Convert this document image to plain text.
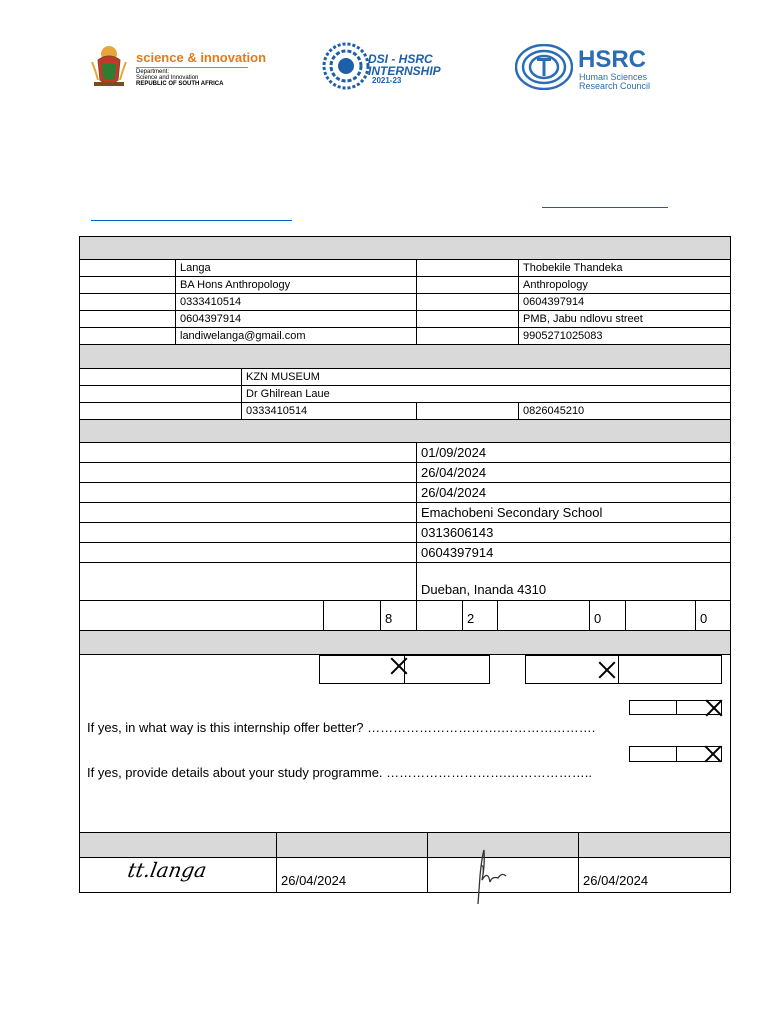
science & innovation
Department:
Science and Innovation
REPUBLIC OF SOUTH AFRICA
DSI - HSRC
INTERNSHIP
2021-23
HSRC
Human Sciences
Research Council
Langa	Thobekile Thandeka
BA Hons Anthropology	Anthropology
0333410514	0604397914
0604397914	PMB, Jabu ndlovu street
landiwelanga@gmail.com	9905271025083
KZN MUSEUM
Dr Ghilrean Laue
0333410514	0826045210
01/09/2024
26/04/2024
26/04/2024
Emachobeni Secondary School
0313606143
0604397914
Dueban, Inanda 4310
8	2	0	0
If yes, in what way is this internship offer better? ………………………….………………….
If yes, provide details about your study programme. ……………………….………………..
tt.langa	26/04/2024	26/04/2024
